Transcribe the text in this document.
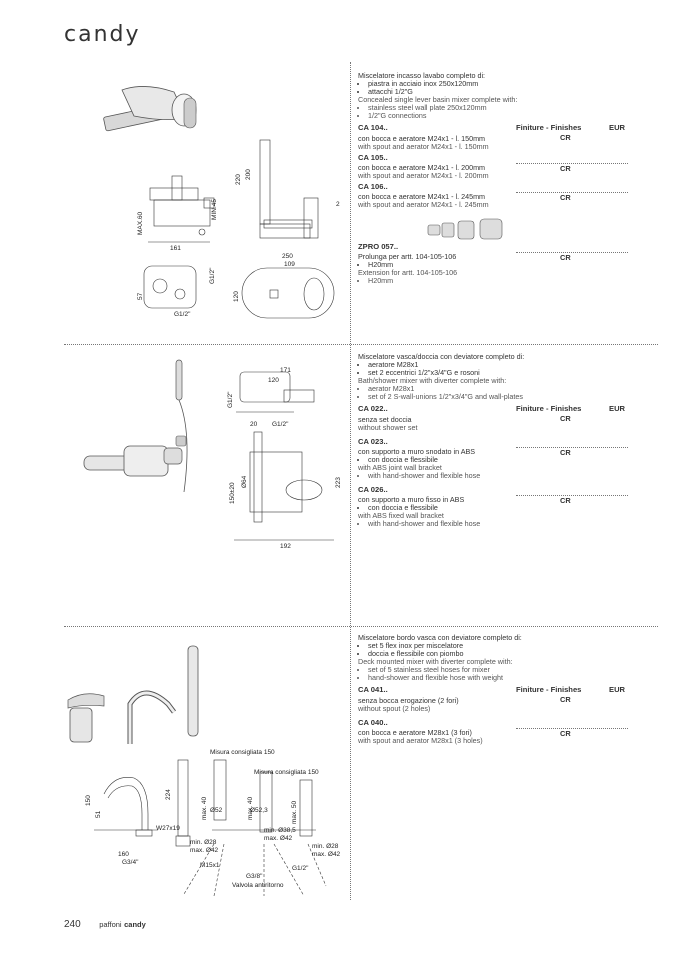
candy
161
MAX.60
MIN.45
220 200
2
250
109
120
G1/2"
57
G1/2"

Miscelatore incasso lavabo completo di:

• piastra in acciaio inox 250x120mm
• attacchi 1/2"G

Concealed single lever basin mixer complete with:

• stainless steel wall plate 250x120mm
• 1/2"G connections
CA 104..	Finiture - Finishes	EUR
CR

con bocca e aeratore M24x1 - l. 150mm

with spout and aerator M24x1 - l. 150mm

CA 105..
CR

con bocca e aeratore M24x1 - l. 200mm

with spout and aerator M24x1 - l. 200mm

CA 106..
CR

con bocca e aeratore M24x1 - l. 245mm

with spout and aerator M24x1 - l. 245mm

ZPRO 057..
CR

Prolunga per artt. 104-105-106

• H20mm

Extension for artt. 104-105-106

• H20mm
171
120
G1/2"
20 G1/2"
150±20
Ø64	223
192

Miscelatore vasca/doccia con deviatore completo di:

• aeratore M28x1
• set 2 eccentrici 1/2"x3/4"G e rosoni

Bath/shower mixer with diverter complete with:

• aerator M28x1
• set of 2 S-wall-unions 1/2"x3/4"G and wall-plates
CA 022..	Finiture - Finishes	EUR
CR

senza set doccia

without shower set

CA 023..
CR

con supporto a muro snodato in ABS

• con doccia e flessibile

with ABS joint wall bracket

• with hand-shower and flexible hose
CA 026..
CR

con supporto a muro fisso in ABS

• con doccia e flessibile

with ABS fixed wall bracket

• with hand-shower and flexible hose
150
51
160
G3/4"
Misura consigliata 150
Misura consigliata 150
224
W27x19
max. 40 Ø52
min. Ø28
max. Ø42
max. 40
Ø52,3
min. Ø38,5
max. Ø42
max. 50
min. Ø28
max. Ø42
M15x1
G3/8"
G1/2"
Valvola antiritorno

Miscelatore bordo vasca con deviatore completo di:

• set 5 flex inox per miscelatore
• doccia e flessibile con piombo

Deck mounted mixer with diverter complete with:

• set of 5 stainless steel hoses for mixer
• hand-shower and flexible hose with weight
CA 041..	Finiture - Finishes	EUR
CR

senza bocca erogazione (2 fori)

without spout (2 holes)

CA 040..
CR

con bocca e aeratore M28x1 (3 fori)

with spout and aerator M28x1 (3 holes)

240 paffoni candy
